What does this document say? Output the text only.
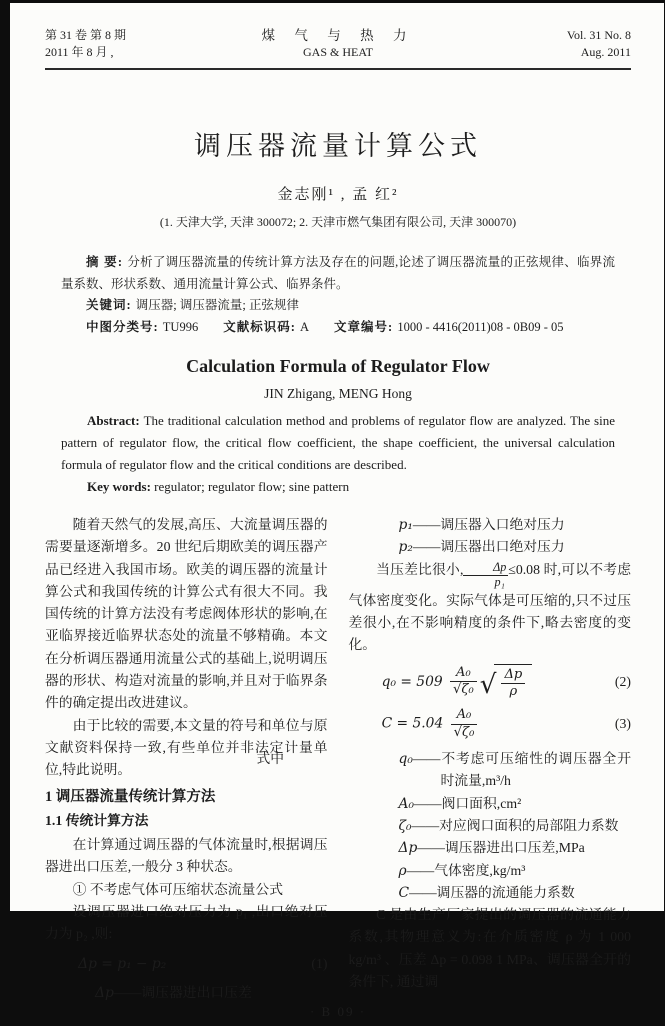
第 31 卷 第 8 期
2011 年 8 月 ,
煤 气 与 热 力
GAS & HEAT
Vol. 31 No. 8
Aug. 2011
调压器流量计算公式
金志刚¹ , 孟 红²
(1. 天津大学, 天津 300072; 2. 天津市燃气集团有限公司, 天津 300070)

摘 要: 分析了调压器流量的传统计算方法及存在的问题,论述了调压器流量的正弦规律、临界流量系数、形状系数、通用流量计算公式、临界条件。

关键词: 调压器; 调压器流量; 正弦规律

中图分类号: TU996 文献标识码: A 文章编号: 1000 - 4416(2011)08 - 0B09 - 05

Calculation Formula of Regulator Flow
JIN Zhigang, MENG Hong

Abstract: The traditional calculation method and problems of regulator flow are analyzed. The sine pattern of regulator flow, the critical flow coefficient, the shape coefficient, the universal calculation formula of regulator flow and the critical conditions are described.

Key words: regulator; regulator flow; sine pattern

随着天然气的发展,高压、大流量调压器的需要量逐渐增多。20 世纪后期欧美的调压器产品已经进入我国市场。欧美的调压器的流量计算公式和我国传统的计算公式有很大不同。我国传统的计算方法没有考虑阀体形状的影响,在亚临界接近临界状态处的流量不够精确。本文在分析调压器通用流量公式的基础上,说明调压器的形状、构造对流量的影响,并且对于临界条件的确定提出改进建议。

由于比较的需要,本文量的符号和单位与原文献资料保持一致,有些单位并非法定计量单位,特此说明。

1 调压器流量传统计算方法
1.1 传统计算方法

在计算通过调压器的气体流量时,根据调压器进出口压差,一般分 3 种状态。

① 不考虑气体可压缩状态流量公式

设调压器进口绝对压力为 p₁ ,出口绝对压力为 p₂ ,则:

Δp = p₁ − p₂	(1)
Δp——调压器进出口压差
p₁——调压器入口绝对压力
p₂——调压器出口绝对压力

当压差比很小, $\frac{\Delta p}{\text{p₁}} \le 0.08$ 时,可以不考虑气体密度变化。实际气体是可压缩的,只不过压差很小,在不影响精度的条件下,略去密度的变化。

$q_0 = 509 \frac{\text{A₀}}{\text{√ζ₀}}$ √ $\frac{\Delta p}{\rho}$	(2)
$C = 5.04 \frac{\text{A₀}}{\text{√ζ₀}}$	(3)
式中	q₀——不考虑可压缩性的调压器全开时流量,m³/h
A₀——阀口面积,cm²
ζ₀——对应阀口面积的局部阻力系数
Δp——调压器进出口压差,MPa
ρ——气体密度,kg/m³
C——调压器的流通能力系数

C 是由生产厂家提出的调压器的流通能力系数,其物理意义为:在介质密度 ρ 为 1 000 kg/m³ 、压差 Δp = 0.098 1 MPa、调压器全开的条件下, 通过调

· B 09 ·
